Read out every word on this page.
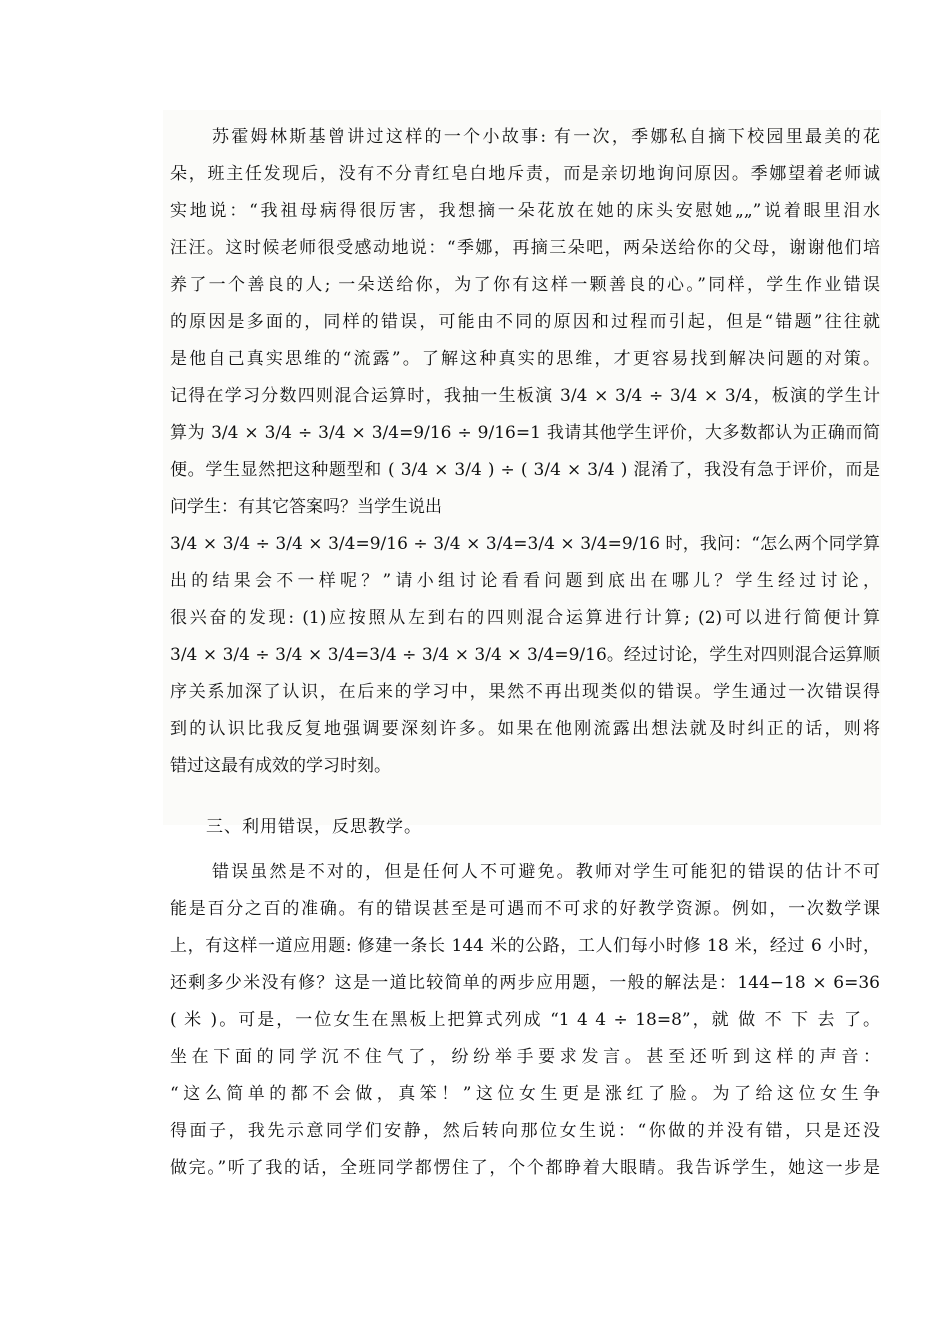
苏霍姆林斯基曾讲过这样的一个小故事: 有一次，季娜私自摘下校园里最美的花
朵，班主任发现后，没有不分青红皂白地斥责，而是亲切地询问原因。季娜望着老师诚
实地说：“我祖母病得很厉害，我想摘一朵花放在她的床头安慰她„„”说着眼里泪水
汪汪。这时候老师很受感动地说：“季娜，再摘三朵吧，两朵送给你的父母，谢谢他们培
养了一个善良的人; 一朵送给你，为了你有这样一颗善良的心。”同样，学生作业错误
的原因是多面的，同样的错误，可能由不同的原因和过程而引起，但是“错题”往往就
是他自己真实思维的“流露”。了解这种真实的思维，才更容易找到解决问题的对策。
记得在学习分数四则混合运算时，我抽一生板演 3/4 × 3/4 ÷ 3/4 × 3/4，板演的学生计
算为 3/4 × 3/4 ÷ 3/4 × 3/4=9/16 ÷ 9/16=1 我请其他学生评价，大多数都认为正确而简
便。学生显然把这种题型和 ( 3/4 × 3/4 ) ÷ ( 3/4 × 3/4 ) 混淆了，我没有急于评价，而是
问学生：有其它答案吗？当学生说出
3/4 × 3/4 ÷ 3/4 × 3/4=9/16 ÷ 3/4 × 3/4=3/4 × 3/4=9/16 时，我问：“怎么两个同学算
出的结果会不一样呢？”请小组讨论看看问题到底出在哪儿？学生经过讨论，
很兴奋的发现: (1)应按照从左到右的四则混合运算进行计算; (2)可以进行简便计算
3/4 × 3/4 ÷ 3/4 × 3/4=3/4 ÷ 3/4 × 3/4 × 3/4=9/16。经过讨论，学生对四则混合运算顺
序关系加深了认识，在后来的学习中，果然不再出现类似的错误。学生通过一次错误得
到的认识比我反复地强调要深刻许多。如果在他刚流露出想法就及时纠正的话，则将
错过这最有成效的学习时刻。
三、利用错误，反思教学。
错误虽然是不对的，但是任何人不可避免。教师对学生可能犯的错误的估计不可
能是百分之百的准确。有的错误甚至是可遇而不可求的好教学资源。例如，一次数学课
上，有这样一道应用题: 修建一条长 144 米的公路，工人们每小时修 18 米，经过 6 小时，
还剩多少米没有修？这是一道比较简单的两步应用题，一般的解法是：144−18 × 6=36
( 米 )。可是，一位女生在黑板上把算式列成 “1 4 4 ÷ 18=8”，就 做 不 下 去 了。
坐在下面的同学沉不住气了，纷纷举手要求发言。甚至还听到这样的声音：
“这么简单的都不会做，真笨！”这位女生更是涨红了脸。为了给这位女生争
得面子，我先示意同学们安静，然后转向那位女生说：“你做的并没有错，只是还没
做完。”听了我的话，全班同学都愣住了，个个都睁着大眼睛。我告诉学生，她这一步是
